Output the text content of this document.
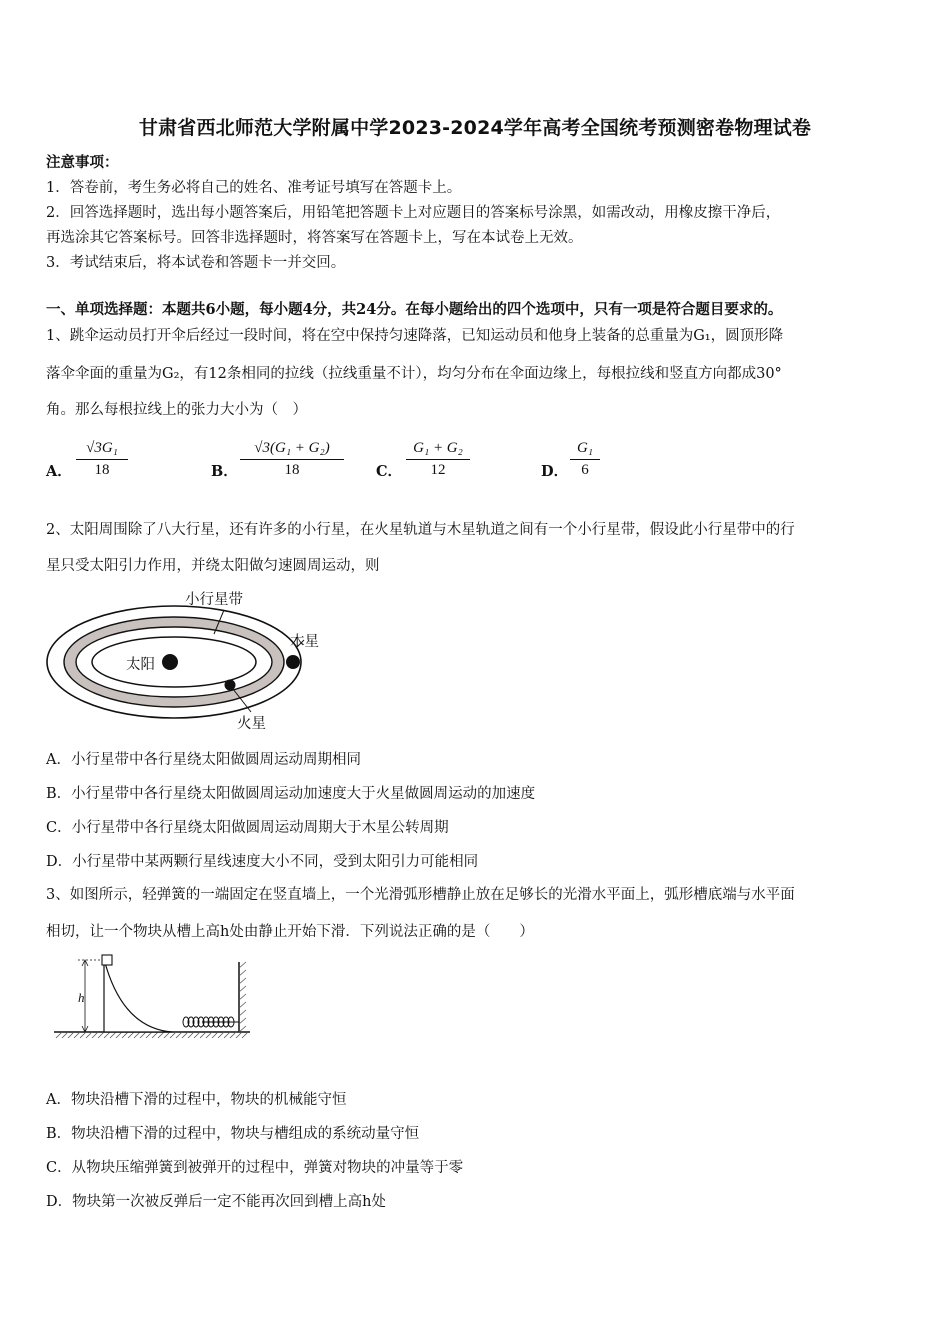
甘肃省西北师范大学附属中学2023-2024学年高考全国统考预测密卷物理试卷
注意事项：
1．答卷前，考生务必将自己的姓名、准考证号填写在答题卡上。
2．回答选择题时，选出每小题答案后，用铅笔把答题卡上对应题目的答案标号涂黑，如需改动，用橡皮擦干净后，
再选涂其它答案标号。回答非选择题时，将答案写在答题卡上，写在本试卷上无效。
3．考试结束后，将本试卷和答题卡一并交回。
一、单项选择题：本题共6小题，每小题4分，共24分。在每小题给出的四个选项中，只有一项是符合题目要求的。
1、跳伞运动员打开伞后经过一段时间，将在空中保持匀速降落，已知运动员和他身上装备的总重量为G₁，圆顶形降
落伞伞面的重量为G₂，有12条相同的拉线（拉线重量不计），均匀分布在伞面边缘上，每根拉线和竖直方向都成30°
角。那么每根拉线上的张力大小为（　）
A．
√3G₁
18	B．
√3(G₁ + G₂)
18	C．
G₁ + G₂
12	D．
G₁
6
2、太阳周围除了八大行星，还有许多的小行星，在火星轨道与木星轨道之间有一个小行星带，假设此小行星带中的行
星只受太阳引力作用，并绕太阳做匀速圆周运动，则
小行星带
木星
太阳
火星
A．小行星带中各行星绕太阳做圆周运动周期相同
B．小行星带中各行星绕太阳做圆周运动加速度大于火星做圆周运动的加速度
C．小行星带中各行星绕太阳做圆周运动周期大于木星公转周期
D．小行星带中某两颗行星线速度大小不同，受到太阳引力可能相同
3、如图所示，轻弹簧的一端固定在竖直墙上，一个光滑弧形槽静止放在足够长的光滑水平面上，弧形槽底端与水平面
相切，让一个物块从槽上高h处由静止开始下滑．下列说法正确的是（　　）
h
A．物块沿槽下滑的过程中，物块的机械能守恒
B．物块沿槽下滑的过程中，物块与槽组成的系统动量守恒
C．从物块压缩弹簧到被弹开的过程中，弹簧对物块的冲量等于零
D．物块第一次被反弹后一定不能再次回到槽上高h处
